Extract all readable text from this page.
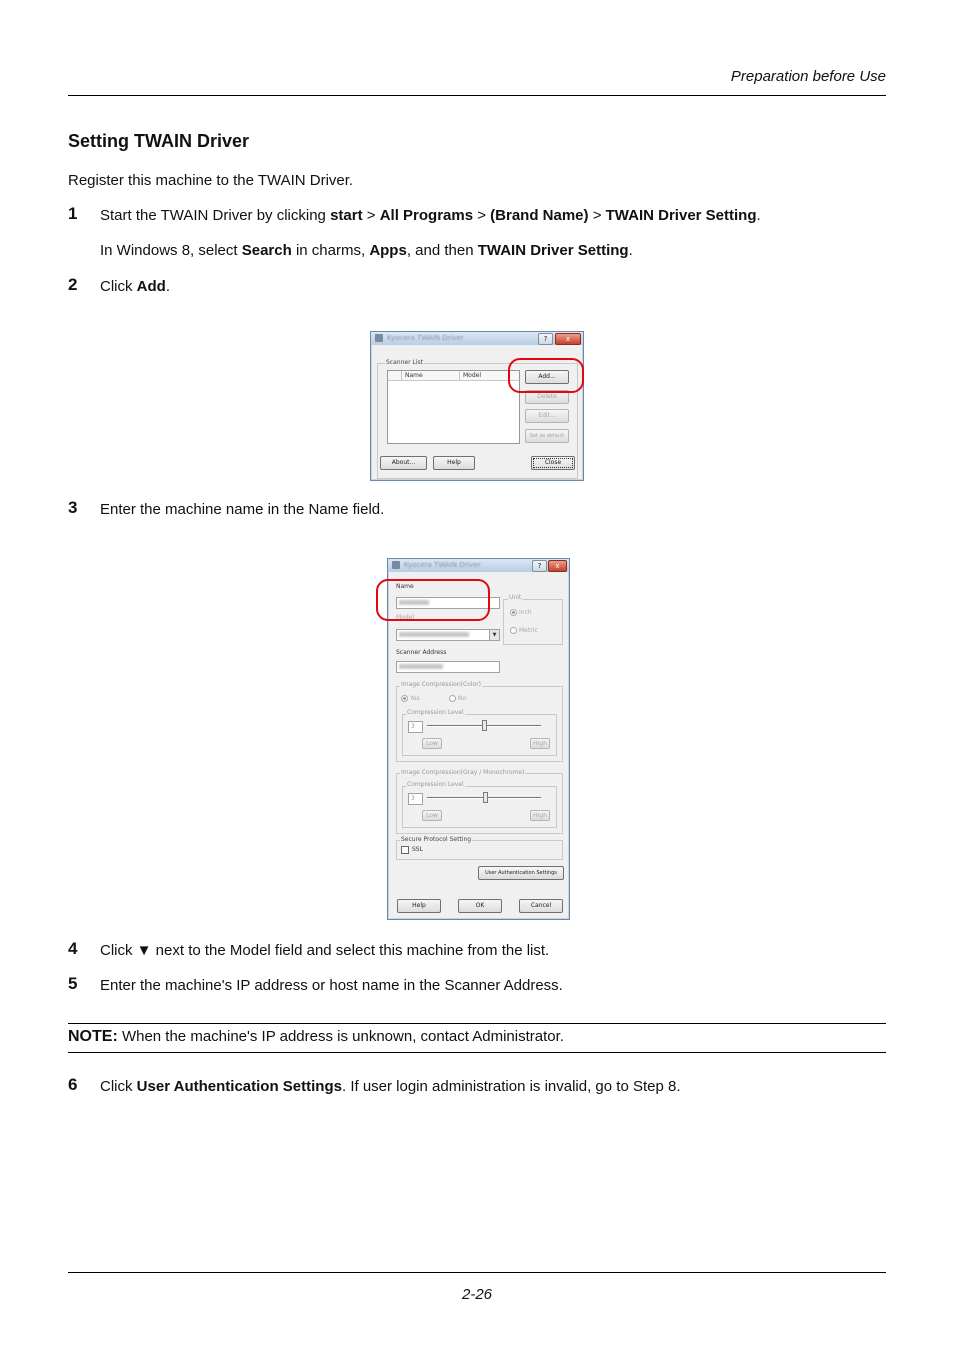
Preparation before Use
Setting TWAIN Driver
Register this machine to the TWAIN Driver.
1 Start the TWAIN Driver by clicking start > All Programs > (Brand Name) > TWAIN Driver Setting.
In Windows 8, select Search in charms, Apps, and then TWAIN Driver Setting.
2 Click Add.
Kyocera TWAIN Driver	?	x
Scanner List
Name	Model	Add...
Delete
Edit...
Set as default
About...	Help	Close
3 Enter the machine name in the Name field.
Kyocera TWAIN Driver	?	x
Name
Model
▼
Scanner Address
Unit
Inch
Metric
Image Compression(Color)
Yes	No
Compression Level
3
Low	High
Image Compression(Gray / Monochrome)
Compression Level
3
Low	High
Secure Protocol Setting
SSL
User Authentication Settings
Help	OK	Cancel
4 Click ▼ next to the Model field and select this machine from the list.
5 Enter the machine's IP address or host name in the Scanner Address.
NOTE: When the machine's IP address is unknown, contact Administrator.
6 Click User Authentication Settings. If user login administration is invalid, go to Step 8.
2-26
